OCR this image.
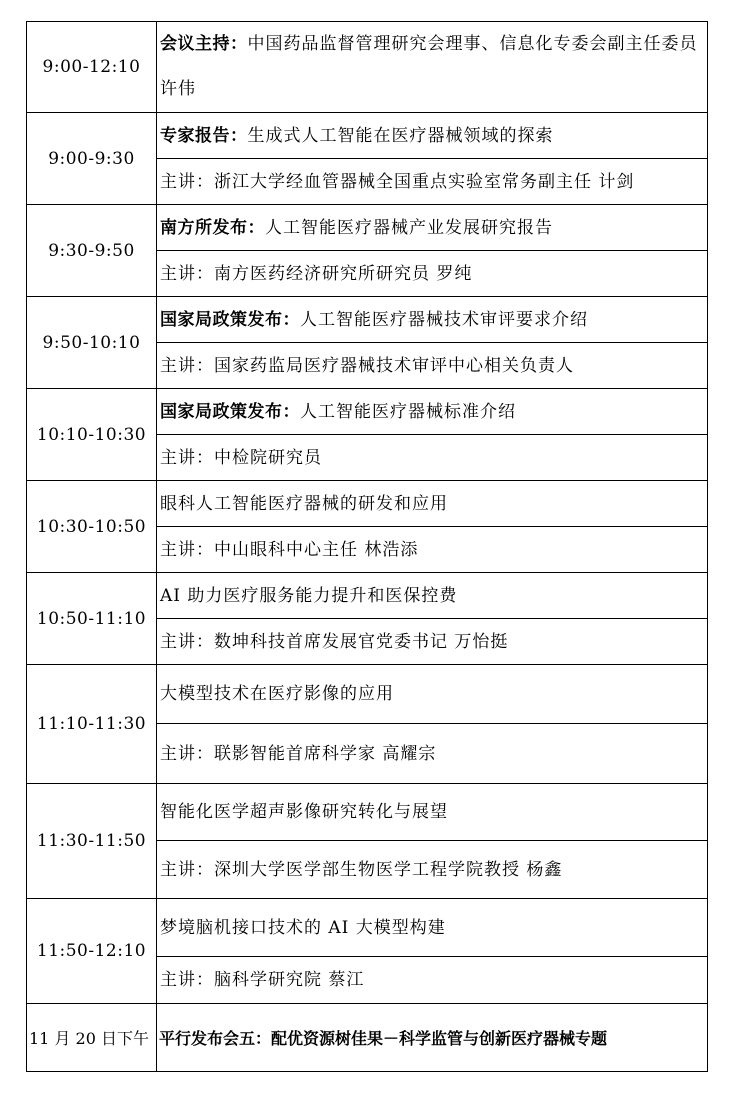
9:00-12:10	会议主持：中国药品监督管理研究会理事、信息化专委会副主任委员 许伟
9:00-9:30	专家报告：生成式人工智能在医疗器械领域的探索
	主讲：浙江大学经血管器械全国重点实验室常务副主任 计剑
9:30-9:50	南方所发布：人工智能医疗器械产业发展研究报告
	主讲：南方医药经济研究所研究员 罗纯
9:50-10:10	国家局政策发布：人工智能医疗器械技术审评要求介绍
	主讲：国家药监局医疗器械技术审评中心相关负责人
10:10-10:30	国家局政策发布：人工智能医疗器械标准介绍
	主讲：中检院研究员
10:30-10:50	眼科人工智能医疗器械的研发和应用
	主讲：中山眼科中心主任 林浩添
10:50-11:10	AI 助力医疗服务能力提升和医保控费
	主讲：数坤科技首席发展官党委书记 万怡挺
11:10-11:30	大模型技术在医疗影像的应用
	主讲：联影智能首席科学家 高耀宗
11:30-11:50	智能化医学超声影像研究转化与展望
	主讲：深圳大学医学部生物医学工程学院教授 杨鑫
11:50-12:10	梦境脑机接口技术的 AI 大模型构建
	主讲：脑科学研究院 蔡江
11 月 20 日下午	平行发布会五：配优资源树佳果－科学监管与创新医疗器械专题
